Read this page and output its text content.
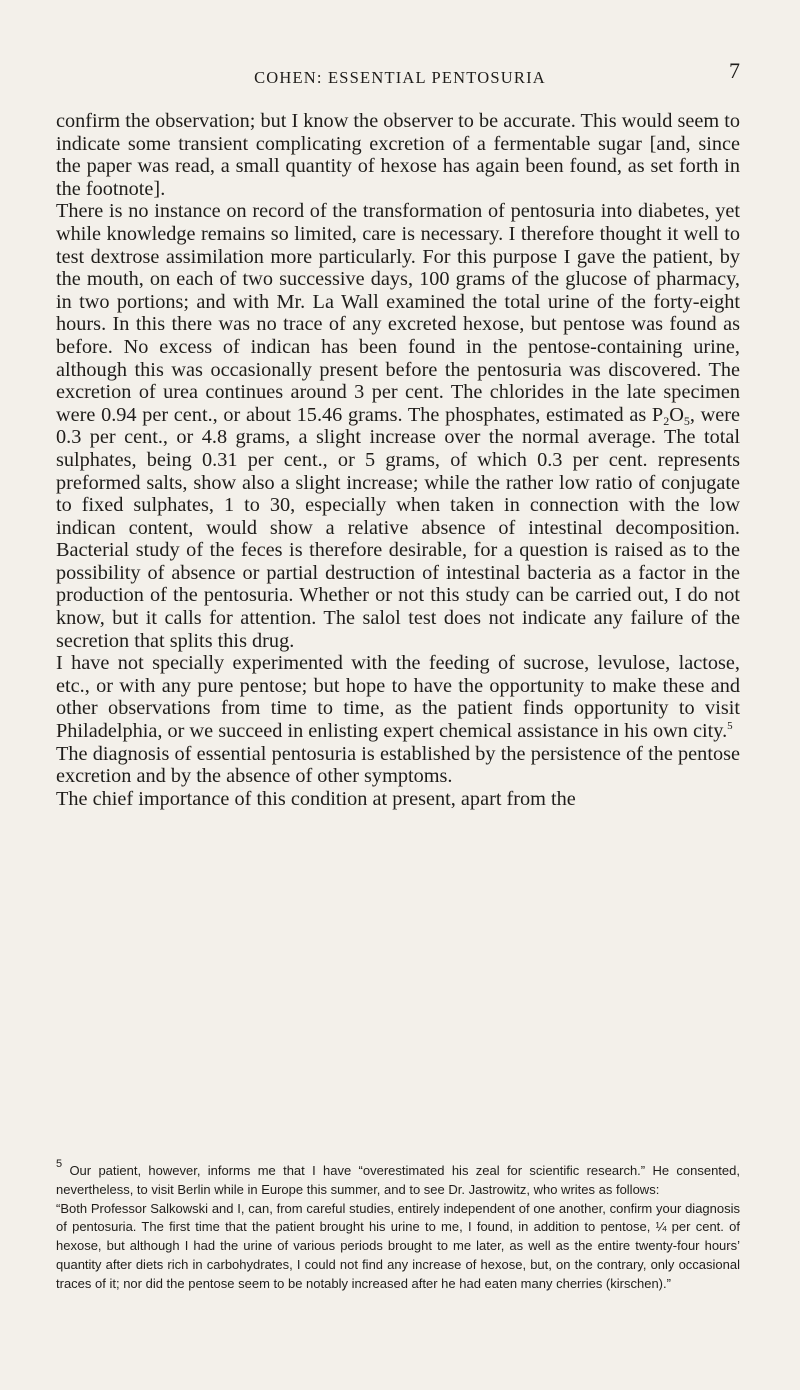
COHEN: ESSENTIAL PENTOSURIA	7

confirm the observation; but I know the observer to be accurate. This would seem to indicate some transient complicating excretion of a fermentable sugar [and, since the paper was read, a small quantity of hexose has again been found, as set forth in the footnote].

There is no instance on record of the transformation of pentosuria into diabetes, yet while knowledge remains so limited, care is necessary. I therefore thought it well to test dextrose assimilation more particularly. For this purpose I gave the patient, by the mouth, on each of two successive days, 100 grams of the glucose of pharmacy, in two portions; and with Mr. La Wall examined the total urine of the forty-eight hours. In this there was no trace of any excreted hexose, but pentose was found as before. No excess of indican has been found in the pentose-containing urine, although this was occasionally present before the pentosuria was discovered. The excretion of urea continues around 3 per cent. The chlorides in the late specimen were 0.94 per cent., or about 15.46 grams. The phosphates, estimated as $P_2O_5$, were 0.3 per cent., or 4.8 grams, a slight increase over the normal average. The total sulphates, being 0.31 per cent., or 5 grams, of which 0.3 per cent. represents preformed salts, show also a slight increase; while the rather low ratio of conjugate to fixed sulphates, 1 to 30, especially when taken in connection with the low indican content, would show a relative absence of intestinal decomposition. Bacterial study of the feces is therefore desirable, for a question is raised as to the possibility of absence or partial destruction of intestinal bacteria as a factor in the production of the pentosuria. Whether or not this study can be carried out, I do not know, but it calls for attention. The salol test does not indicate any failure of the secretion that splits this drug.

I have not specially experimented with the feeding of sucrose, levulose, lactose, etc., or with any pure pentose; but hope to have the opportunity to make these and other observations from time to time, as the patient finds opportunity to visit Philadelphia, or we succeed in enlisting expert chemical assistance in his own city.$^5$

The diagnosis of essential pentosuria is established by the persistence of the pentose excretion and by the absence of other symptoms.

The chief importance of this condition at present, apart from the

$^5$ Our patient, however, informs me that I have “overestimated his zeal for scientific research.” He consented, nevertheless, to visit Berlin while in Europe this summer, and to see Dr. Jastrowitz, who writes as follows:

“Both Professor Salkowski and I, can, from careful studies, entirely independent of one another, confirm your diagnosis of pentosuria. The first time that the patient brought his urine to me, I found, in addition to pentose, ¼ per cent. of hexose, but although I had the urine of various periods brought to me later, as well as the entire twenty-four hours’ quantity after diets rich in carbohydrates, I could not find any increase of hexose, but, on the contrary, only occasional traces of it; nor did the pentose seem to be notably increased after he had eaten many cherries (kirschen).”
